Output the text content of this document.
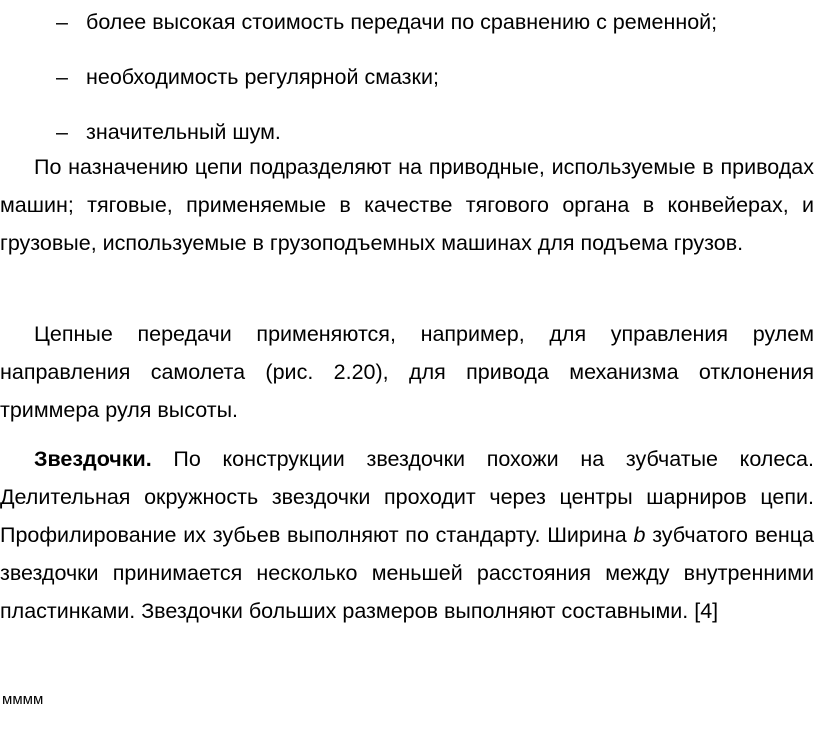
– более высокая стоимость передачи по сравнению с ременной;
– необходимость регулярной смазки;
– значительный шум.

По назначению цепи подразделяют на приводные, используемые в приводах машин; тяговые, применяемые в качестве тягового органа в конвейерах, и грузовые, используемые в грузоподъемных машинах для подъема грузов.

Цепные передачи применяются, например, для управления рулем направления самолета (рис. 2.20), для привода механизма отклонения триммера руля высоты.

Звездочки. По конструкции звездочки похожи на зубчатые колеса. Делительная окружность звездочки проходит через центры шарниров цепи. Профилирование их зубьев выполняют по стандарту. Ширина b зубчатого венца звездочки принимается несколько меньшей расстояния между внутренними пластинками. Звездочки больших размеров выполняют составными. [4]

мммм
